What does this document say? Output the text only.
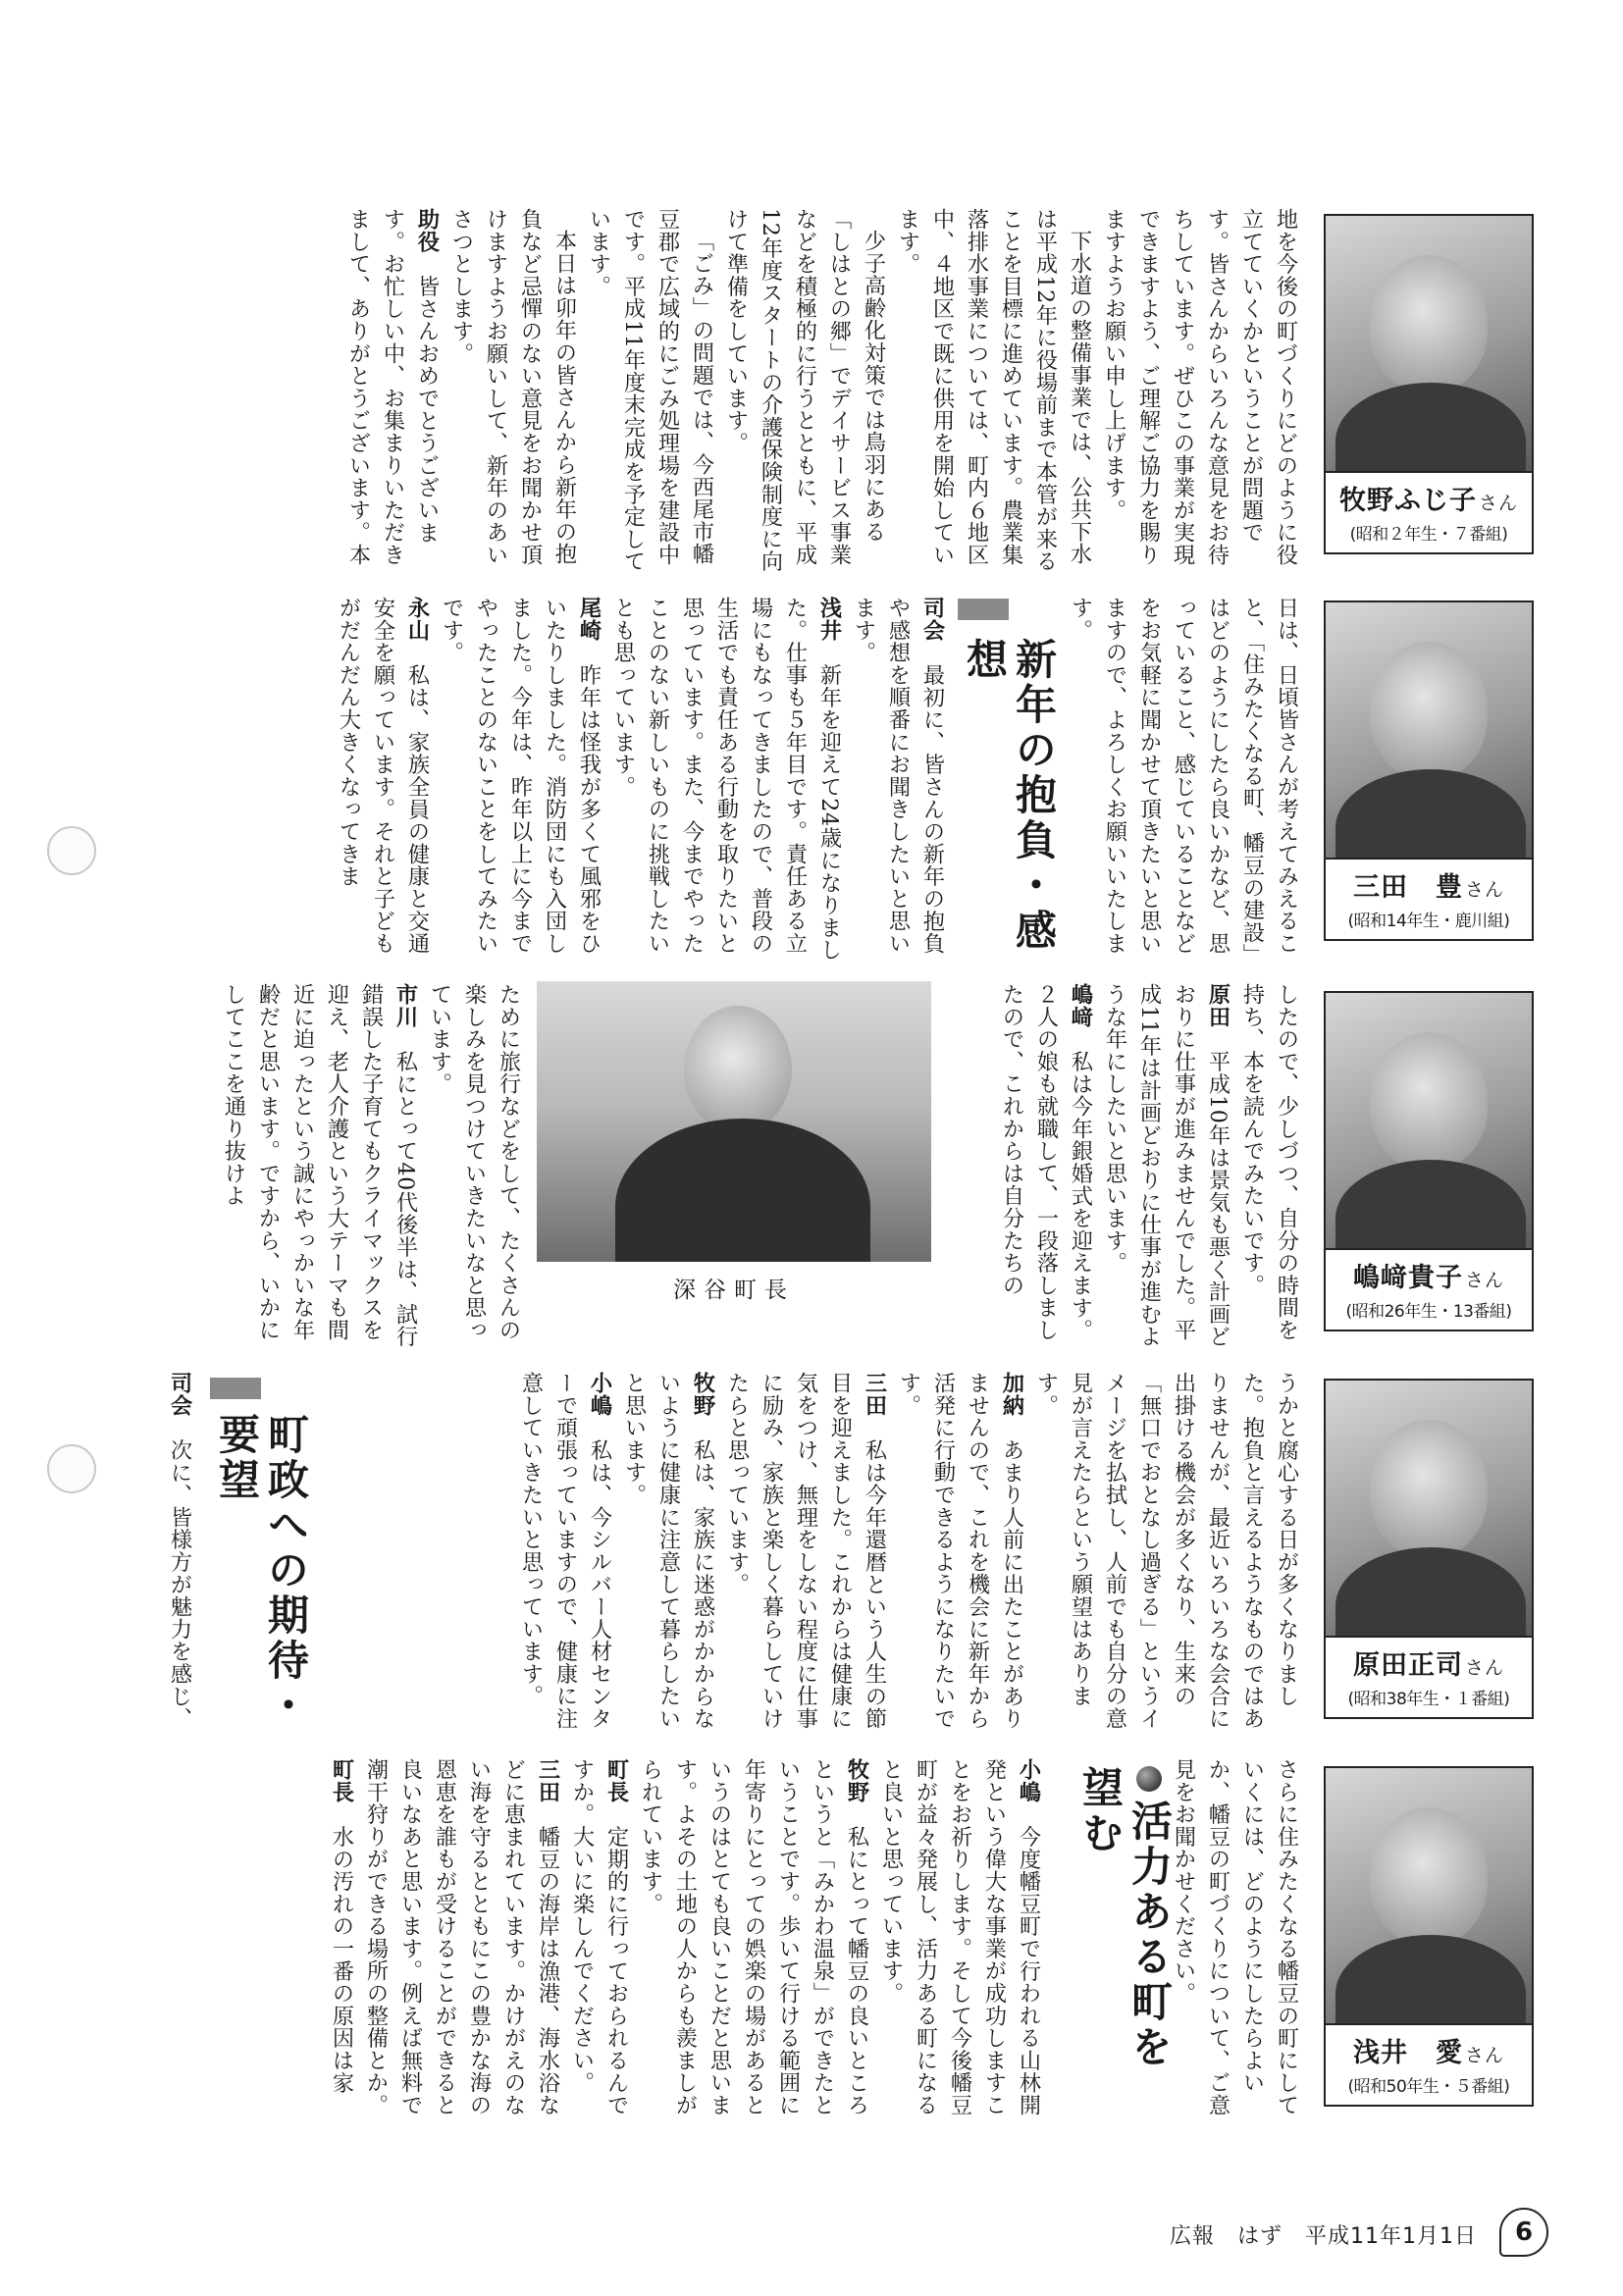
牧野ふじ子 さん
(昭和２年生・７番組)
三田　豊 さん
(昭和14年生・鹿川組)
嶋﨑貴子 さん
(昭和26年生・13番組)
原田正司 さん
(昭和38年生・１番組)
浅井　愛 さん
(昭和50年生・５番組)

地を今後の町づくりにどのように役立てていくかということが問題です。皆さんからいろんな意見をお待ちしています。ぜひこの事業が実現できますよう、ご理解ご協力を賜りますようお願い申し上げます。

下水道の整備事業では、公共下水は平成12年に役場前まで本管が来ることを目標に進めています。農業集落排水事業については、町内６地区中、４地区で既に供用を開始しています。

少子高齢化対策では鳥羽にある「しはとの郷」でデイサービス事業などを積極的に行うとともに、平成12年度スタートの介護保険制度に向けて準備をしています。

「ごみ」の問題では、今西尾市幡豆郡で広域的にごみ処理場を建設中です。平成11年度末完成を予定しています。

本日は卯年の皆さんから新年の抱負など忌憚のない意見をお聞かせ頂けますようお願いして、新年のあいさつとします。

助役　皆さんおめでとうございます。お忙しい中、お集まりいただきまして、ありがとうございます。本

日は、日頃皆さんが考えてみえること、「住みたくなる町、幡豆の建設」はどのようにしたら良いかなど、思っていること、感じていることなどをお気軽に聞かせて頂きたいと思いますので、よろしくお願いいたします。

新年の抱負・感想

司会　最初に、皆さんの新年の抱負や感想を順番にお聞きしたいと思います。

浅井　新年を迎えて24歳になりました。仕事も５年目です。責任ある立場にもなってきましたので、普段の生活でも責任ある行動を取りたいと思っています。また、今までやったことのない新しいものに挑戦したいとも思っています。

尾崎　昨年は怪我が多くて風邪をひいたりしました。消防団にも入団しました。今年は、昨年以上に今までやったことのないことをしてみたいです。

永山　私は、家族全員の健康と交通安全を願っています。それと子どもがだんだん大きくなってきま

したので、少しづつ、自分の時間を持ち、本を読んでみたいです。

原田　平成10年は景気も悪く計画どおりに仕事が進みませんでした。平成11年は計画どおりに仕事が進むような年にしたいと思います。

嶋﨑　私は今年銀婚式を迎えます。２人の娘も就職して、一段落しましたので、これからは自分たちの

深谷町長

ために旅行などをして、たくさんの楽しみを見つけていきたいなと思っています。

市川　私にとって40代後半は、試行錯誤した子育てもクライマックスを迎え、老人介護という大テーマも間近に迫ったという誠にやっかいな年齢だと思います。ですから、いかにしてここを通り抜けよ

うかと腐心する日が多くなりました。抱負と言えるようなものではありませんが、最近いろいろな会合に出掛ける機会が多くなり、生来の「無口でおとなし過ぎる」というイメージを払拭し、人前でも自分の意見が言えたらという願望はあります。

加納　あまり人前に出たことがありませんので、これを機会に新年から活発に行動できるようになりたいです。

三田　私は今年還暦という人生の節目を迎えました。これからは健康に気をつけ、無理をしない程度に仕事に励み、家族と楽しく暮らしていけたらと思っています。

牧野　私は、家族に迷惑がかからないように健康に注意して暮らしたいと思います。

小嶋　私は、今シルバー人材センターで頑張っていますので、健康に注意していきたいと思っています。

町政への期待・要望

司会　次に、皆様方が魅力を感じ、

さらに住みたくなる幡豆の町にしていくには、どのようにしたらよいか、幡豆の町づくりについて、ご意見をお聞かせください。

活力ある町を望む

小嶋　今度幡豆町で行われる山林開発という偉大な事業が成功しますことをお祈りします。そして今後幡豆町が益々発展し、活力ある町になると良いと思っています。

牧野　私にとって幡豆の良いところというと「みかわ温泉」ができたということです。歩いて行ける範囲に年寄りにとっての娯楽の場があるというのはとても良いことだと思います。よその土地の人からも羨ましがられています。

町長　定期的に行っておられるんですか。大いに楽しんでください。

三田　幡豆の海岸は漁港、海水浴などに恵まれています。かけがえのない海を守るとともにこの豊かな海の恩恵を誰もが受けることができると良いなあと思います。例えば無料で潮干狩りができる場所の整備とか。

町長　水の汚れの一番の原因は家

広報　はず　平成11年1月1日	6
